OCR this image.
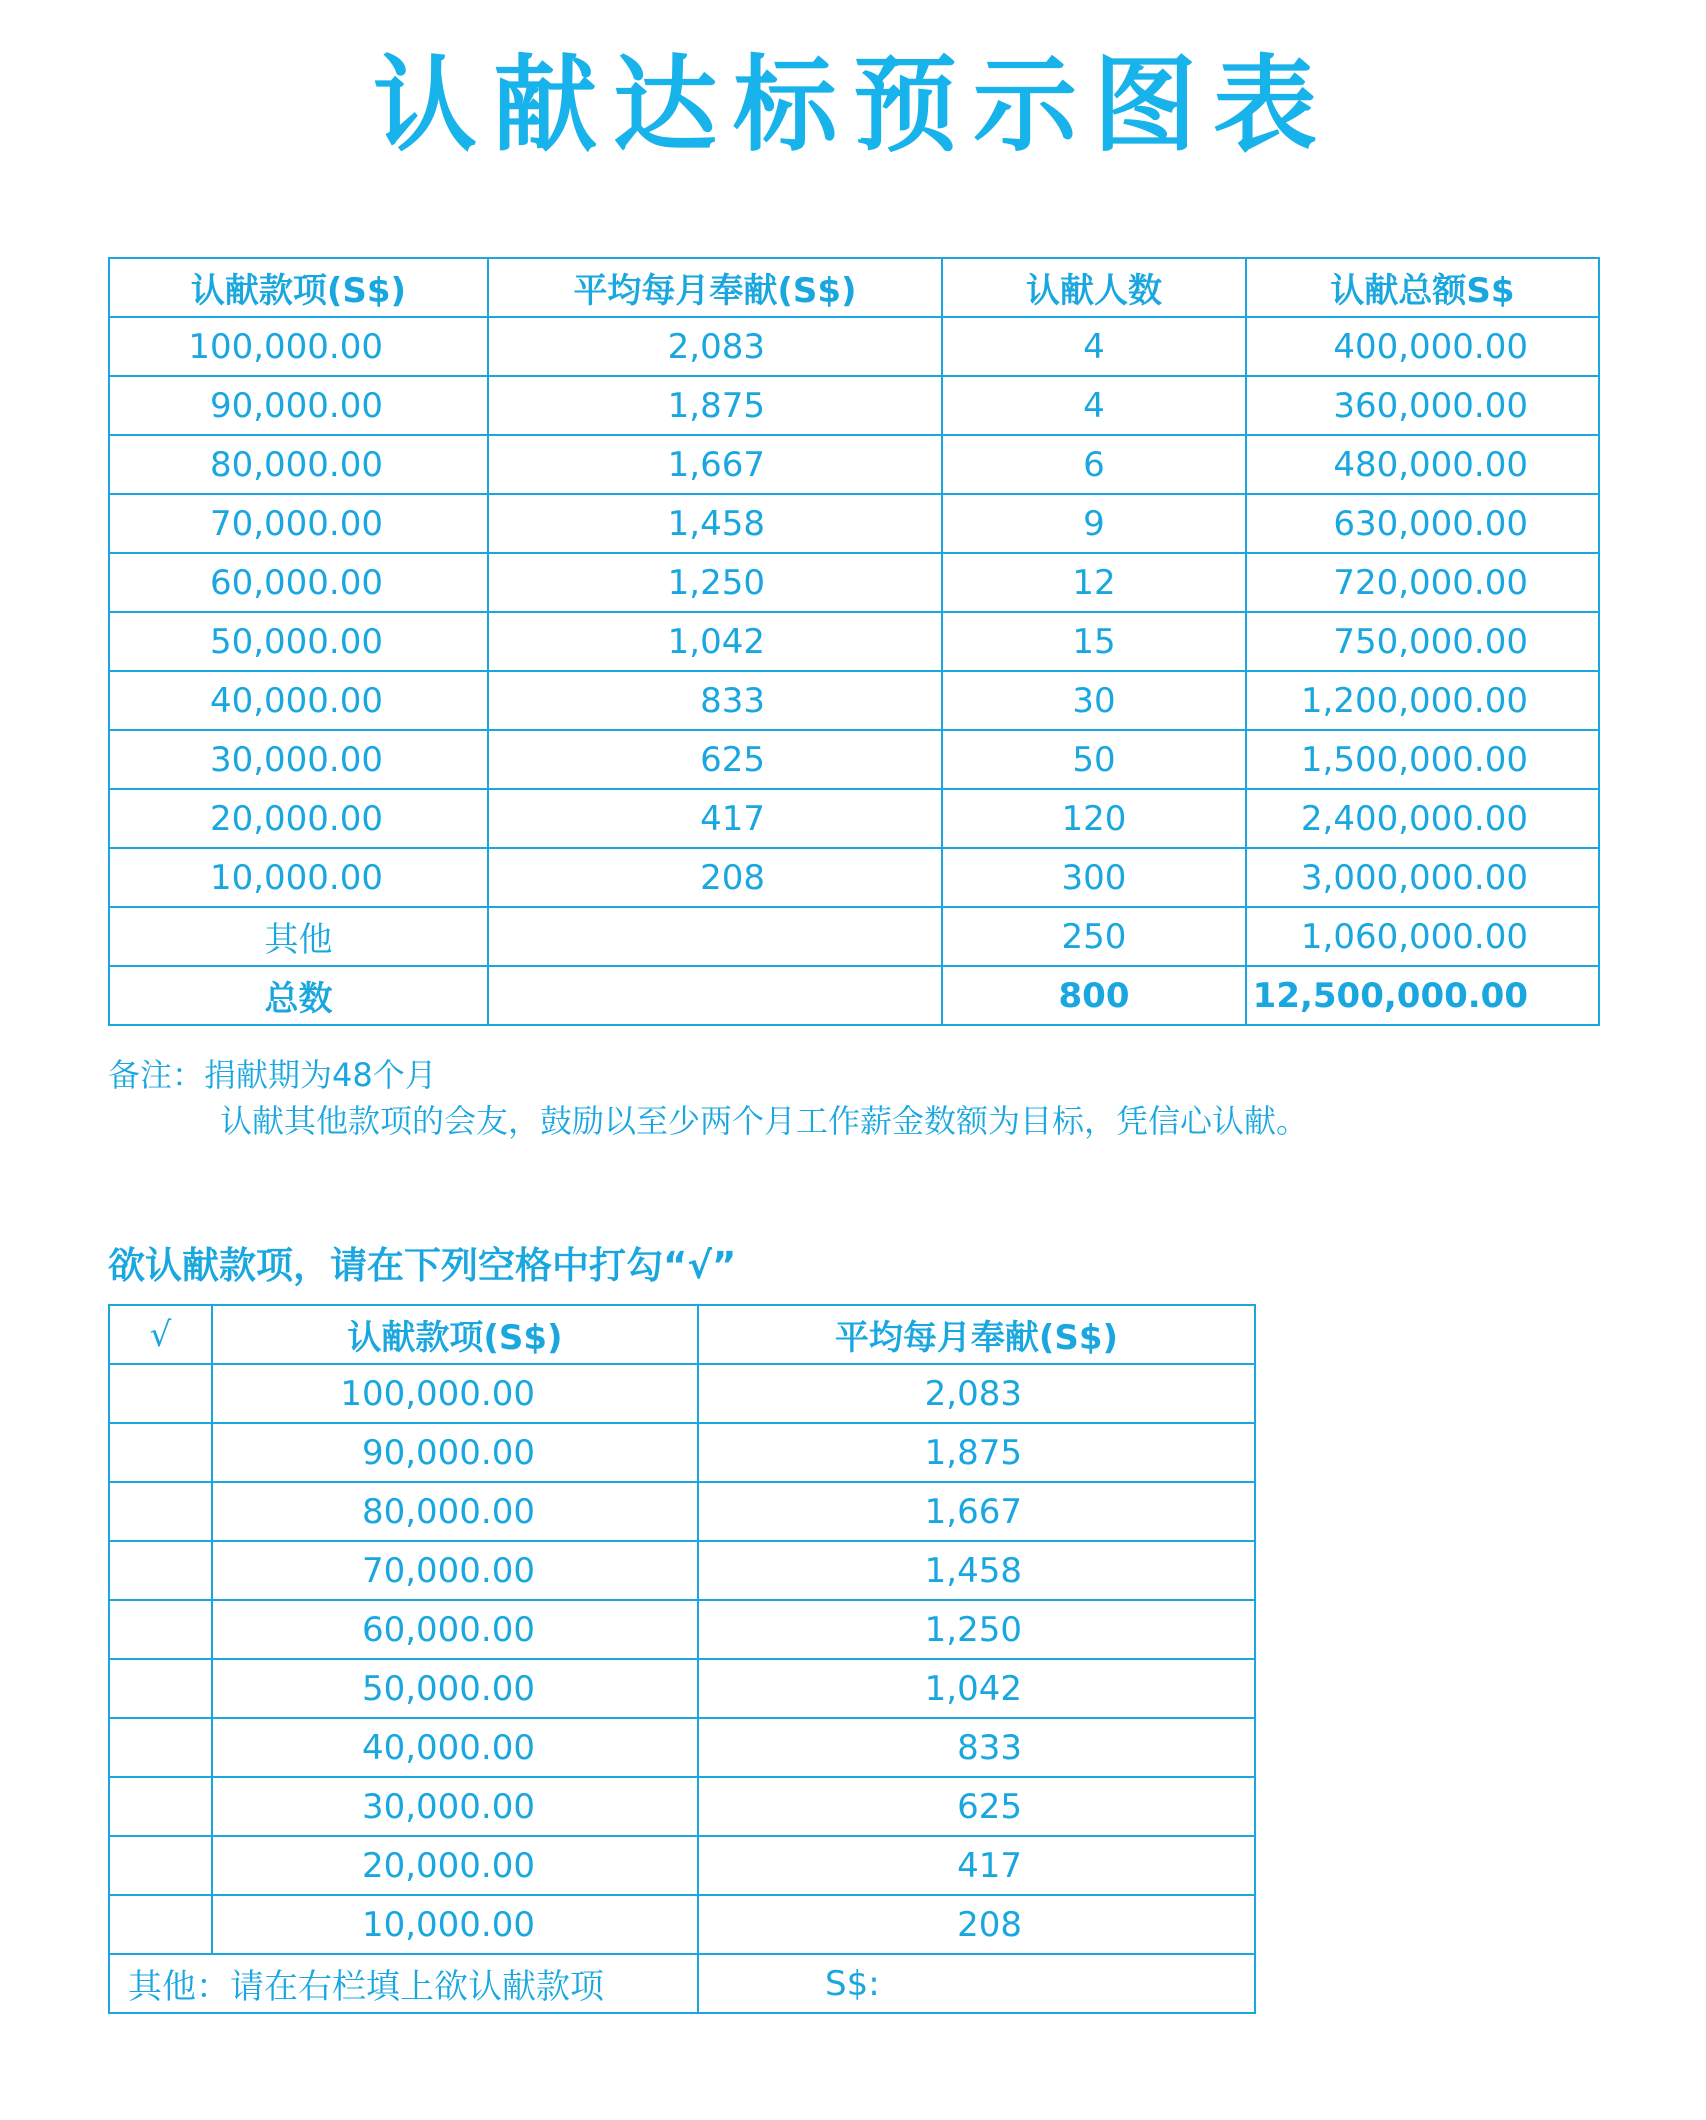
认献达标预示图表
认献款项(S$)	平均每月奉献(S$)	认献人数	认献总额S$
100,000.00	2,083	4	400,000.00
90,000.00	1,875	4	360,000.00
80,000.00	1,667	6	480,000.00
70,000.00	1,458	9	630,000.00
60,000.00	1,250	12	720,000.00
50,000.00	1,042	15	750,000.00
40,000.00	833	30	1,200,000.00
30,000.00	625	50	1,500,000.00
20,000.00	417	120	2,400,000.00
10,000.00	208	300	3,000,000.00
其他		250	1,060,000.00
总数		800	12,500,000.00
备注：捐献期为48个月
认献其他款项的会友，鼓励以至少两个月工作薪金数额为目标，凭信心认献。
欲认献款项，请在下列空格中打勾“√”
√	认献款项(S$)	平均每月奉献(S$)
	100,000.00	2,083
	90,000.00	1,875
	80,000.00	1,667
	70,000.00	1,458
	60,000.00	1,250
	50,000.00	1,042
	40,000.00	833
	30,000.00	625
	20,000.00	417
	10,000.00	208
其他：请在右栏填上欲认献款项		S$:
